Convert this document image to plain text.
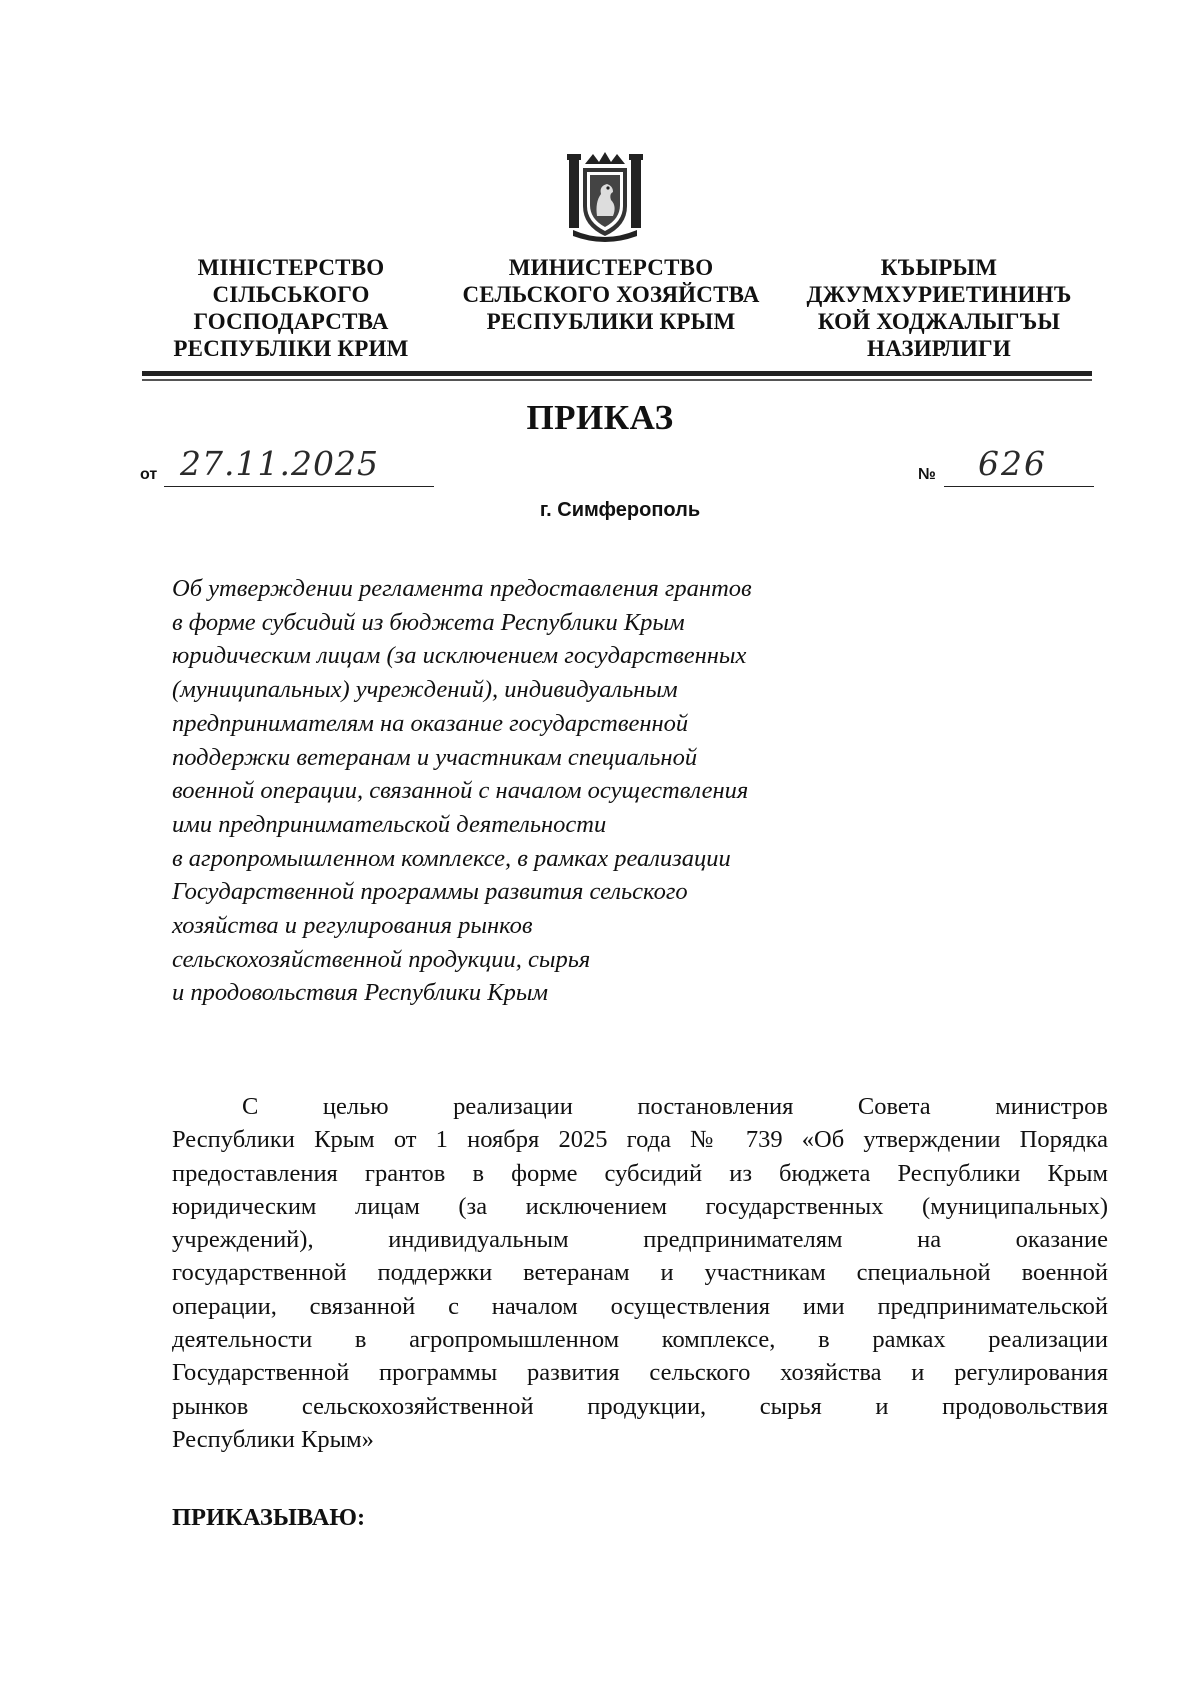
МІНІСТЕРСТВО
СІЛЬСЬКОГО
ГОСПОДАРСТВА
РЕСПУБЛІКИ КРИМ
МИНИСТЕРСТВО
СЕЛЬСКОГО ХОЗЯЙСТВА
РЕСПУБЛИКИ КРЫМ
КЪЫРЫМ
ДЖУМХУРИЕТИНИНЪ
КОЙ ХОДЖАЛЫГЪЫ
НАЗИРЛИГИ
ПРИКАЗ
от 27.11.2025	№ 626
г. Симферополь
Об утверждении регламента предоставления грантов
в форме субсидий из бюджета Республики Крым
юридическим лицам (за исключением государственных
(муниципальных) учреждений), индивидуальным
предпринимателям на оказание государственной
поддержки ветеранам и участникам специальной
военной операции, связанной с началом осуществления
ими предпринимательской деятельности
в агропромышленном комплексе, в рамках реализации
Государственной программы развития сельского
хозяйства и регулирования рынков
сельскохозяйственной продукции, сырья
и продовольствия Республики Крым
С целью реализации постановления Совета министров
Республики Крым от 1 ноября 2025 года № 739 «Об утверждении Порядка
предоставления грантов в форме субсидий из бюджета Республики Крым
юридическим лицам (за исключением государственных (муниципальных)
учреждений), индивидуальным предпринимателям на оказание
государственной поддержки ветеранам и участникам специальной военной
операции, связанной с началом осуществления ими предпринимательской
деятельности в агропромышленном комплексе, в рамках реализации
Государственной программы развития сельского хозяйства и регулирования
рынков сельскохозяйственной продукции, сырья и продовольствия
Республики Крым»
ПРИКАЗЫВАЮ:
